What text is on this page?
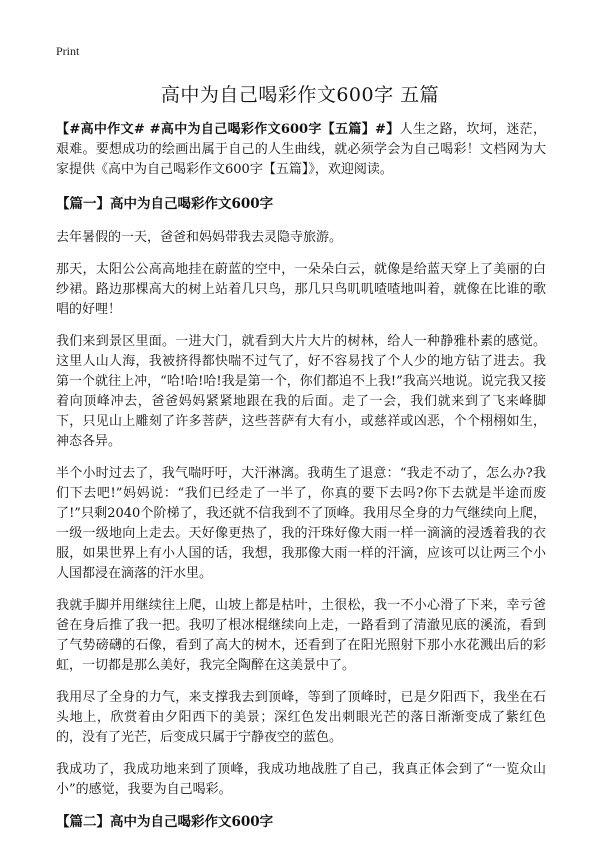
Print
高中为自己喝彩作文600字 五篇

【#高中作文# #高中为自己喝彩作文600字【五篇】#】人生之路，坎坷，迷茫，艰难。要想成功的绘画出属于自己的人生曲线，就必须学会为自己喝彩！文档网为大家提供《高中为自己喝彩作文600字【五篇】》，欢迎阅读。

【篇一】高中为自己喝彩作文600字

去年暑假的一天，爸爸和妈妈带我去灵隐寺旅游。

那天，太阳公公高高地挂在蔚蓝的空中，一朵朵白云，就像是给蓝天穿上了美丽的白纱裙。路边那棵高大的树上站着几只鸟，那几只鸟叽叽喳喳地叫着，就像在比谁的歌唱的好哩！

我们来到景区里面。一进大门，就看到大片大片的树林，给人一种静雅朴素的感觉。这里人山人海，我被挤得都快喘不过气了，好不容易找了个人少的地方钻了进去。我第一个就往上冲，“哈!哈!哈!我是第一个，你们都追不上我!”我高兴地说。说完我又接着向顶峰冲去，爸爸妈妈紧紧地跟在我的后面。走了一会，我们就来到了飞来峰脚下，只见山上雕刻了许多菩萨，这些菩萨有大有小，或慈祥或凶恶，个个栩栩如生，神态各异。

半个小时过去了，我气喘吁吁，大汗淋漓。我萌生了退意：“我走不动了，怎么办?我们下去吧!”妈妈说：“我们已经走了一半了，你真的要下去吗?你下去就是半途而废了!”只剩2040个阶梯了，我还就不信我到不了顶峰。我用尽全身的力气继续向上爬，一级一级地向上走去。天好像更热了，我的汗珠好像大雨一样一滴滴的浸透着我的衣服，如果世界上有小人国的话，我想，我那像大雨一样的汗滴，应该可以让两三个小人国都浸在滴落的汗水里。

我就手脚并用继续往上爬，山坡上都是枯叶，土很松，我一不小心滑了下来，幸亏爸爸在身后推了我一把。我叨了根冰棍继续向上走，一路看到了清澈见底的溪流，看到了气势磅礴的石像，看到了高大的树木，还看到了在阳光照射下那小水花溅出后的彩虹，一切都是那么美好，我完全陶醉在这美景中了。

我用尽了全身的力气，来支撑我去到顶峰，等到了顶峰时，已是夕阳西下，我坐在石头地上，欣赏着由夕阳西下的美景；深红色发出刺眼光芒的落日渐渐变成了紫红色的，没有了光芒，后变成只属于宁静夜空的蓝色。

我成功了，我成功地来到了顶峰，我成功地战胜了自己，我真正体会到了“一览众山小”的感觉，我要为自己喝彩。

【篇二】高中为自己喝彩作文600字
